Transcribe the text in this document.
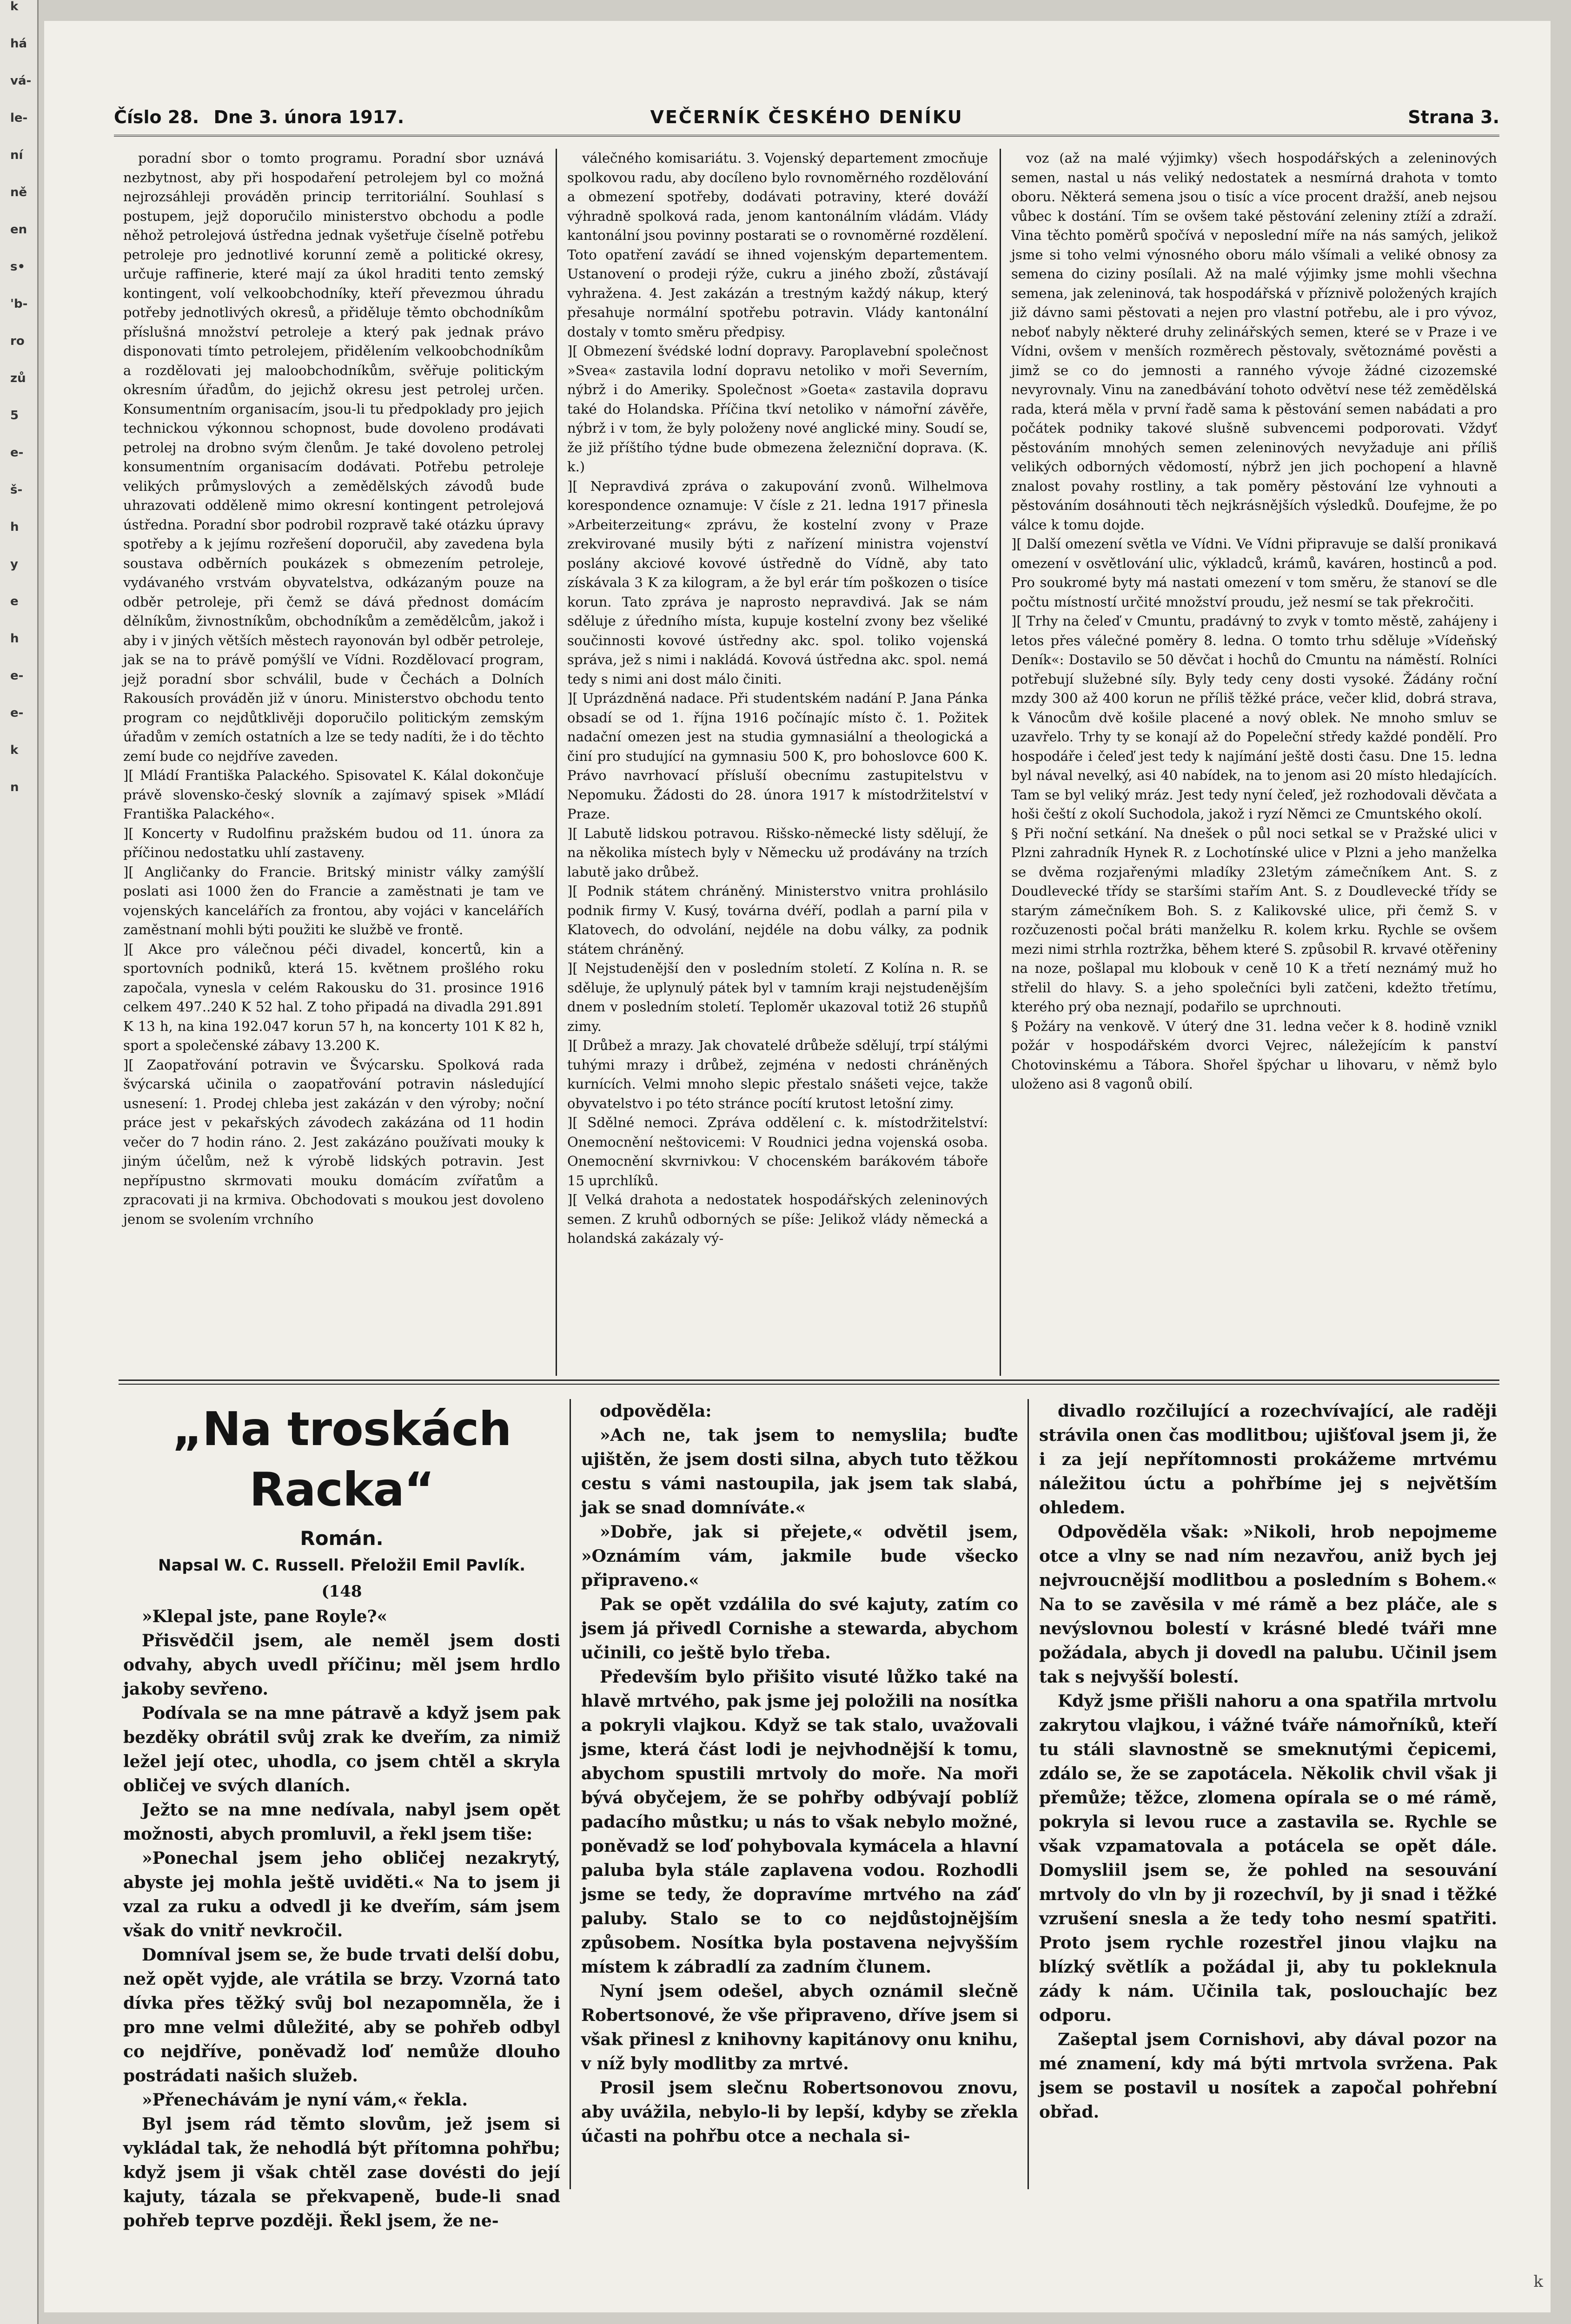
k
há
vá-
le-
ní
ně
en
s•
'b-
ro
zů
5
e-
š-
h
y
e
h
e-
e-
k
n
Číslo 28. Dne 3. února 1917.	VEČERNÍK ČESKÉHO DENÍKU	Strana 3.

poradní sbor o tomto programu. Poradní sbor uznává nezbytnost, aby při hospodaření petrolejem byl co možná nejrozsáhleji prováděn princip territoriální. Souhlasí s postupem, jejž doporučilo ministerstvo obchodu a podle něhož petrolejová ústředna jednak vyšetřuje číselně potřebu petroleje pro jednotlivé korunní země a politické okresy, určuje raffinerie, které mají za úkol hraditi tento zemský kontingent, volí velkoobchodníky, kteří převezmou úhradu potřeby jednotlivých okresů, a přiděluje těmto obchodníkům příslušná množství petroleje a který pak jednak právo disponovati tímto petrolejem, přidělením velkoobchodníkům a rozdělovati jej maloobchodníkům, svěřuje politickým okresním úřadům, do jejichž okresu jest petrolej určen. Konsumentním organisacím, jsou-li tu předpoklady pro jejich technickou výkonnou schopnost, bude dovoleno prodávati petrolej na drobno svým členům. Je také dovoleno petrolej konsumentním organisacím dodávati. Potřebu petroleje velikých průmyslových a zemědělských závodů bude uhrazovati odděleně mimo okresní kontingent petrolejová ústředna. Poradní sbor podrobil rozpravě také otázku úpravy spotřeby a k jejímu rozřešení doporučil, aby zavedena byla soustava odběrních poukázek s obmezením petroleje, vydávaného vrstvám obyvatelstva, odkázaným pouze na odběr petroleje, při čemž se dává přednost domácím dělníkům, živnostníkům, obchodníkům a zemědělcům, jakož i aby i v jiných větších městech rayonován byl odběr petroleje, jak se na to právě pomýšlí ve Vídni. Rozdělovací program, jejž poradní sbor schválil, bude v Čechách a Dolních Rakousích prováděn již v únoru. Ministerstvo obchodu tento program co nejdůtklivěji doporučilo politickým zemským úřadům v zemích ostatních a lze se tedy nadíti, že i do těchto zemí bude co nejdříve zaveden.

][ Mládí Františka Palackého. Spisovatel K. Kálal dokončuje právě slovensko-český slovník a zajímavý spisek »Mládí Františka Palackého«.

][ Koncerty v Rudolfinu pražském budou od 11. února za příčinou nedostatku uhlí zastaveny.

][ Angličanky do Francie. Britský ministr války zamýšlí poslati asi 1000 žen do Francie a zaměstnati je tam ve vojenských kancelářích za frontou, aby vojáci v kancelářích zaměstnaní mohli býti použiti ke službě ve frontě.

][ Akce pro válečnou péči divadel, koncertů, kin a sportovních podniků, která 15. květnem prošlého roku započala, vynesla v celém Rakousku do 31. prosince 1916 celkem 497..240 K 52 hal. Z toho připadá na divadla 291.891 K 13 h, na kina 192.047 korun 57 h, na koncerty 101 K 82 h, sport a společenské zábavy 13.200 K.

][ Zaopatřování potravin ve Švýcarsku. Spolková rada švýcarská učinila o zaopatřování potravin následující usnesení: 1. Prodej chleba jest zakázán v den výroby; noční práce jest v pekařských závodech zakázána od 11 hodin večer do 7 hodin ráno. 2. Jest zakázáno používati mouky k jiným účelům, než k výrobě lidských potravin. Jest nepřípustno skrmovati mouku domácím zvířatům a zpracovati ji na krmiva. Obchodovati s moukou jest dovoleno jenom se svolením vrchního

válečného komisariátu. 3. Vojenský departement zmocňuje spolkovou radu, aby docíleno bylo rovnoměrného rozdělování a obmezení spotřeby, dodávati potraviny, které dováží výhradně spolková rada, jenom kantonálním vládám. Vlády kantonální jsou povinny postarati se o rovnoměrné rozdělení. Toto opatření zavádí se ihned vojenským departementem. Ustanovení o prodeji rýže, cukru a jiného zboží, zůstávají vyhražena. 4. Jest zakázán a trestným každý nákup, který přesahuje normální spotřebu potravin. Vlády kantonální dostaly v tomto směru předpisy.

][ Obmezení švédské lodní dopravy. Paroplavební společnost »Svea« zastavila lodní dopravu netoliko v moři Severním, nýbrž i do Ameriky. Společnost »Goeta« zastavila dopravu také do Holandska. Příčina tkví netoliko v námořní závěře, nýbrž i v tom, že byly položeny nové anglické miny. Soudí se, že již příštího týdne bude obmezena železniční doprava. (K. k.)

][ Nepravdivá zpráva o zakupování zvonů. Wilhelmova korespondence oznamuje: V čísle z 21. ledna 1917 přinesla »Arbeiterzeitung« zprávu, že kostelní zvony v Praze zrekvirované musily býti z nařízení ministra vojenství poslány akciové kovové ústředně do Vídně, aby tato získávala 3 K za kilogram, a že byl erár tím poškozen o tisíce korun. Tato zpráva je naprosto nepravdivá. Jak se nám sděluje z úředního místa, kupuje kostelní zvony bez všeliké součinnosti kovové ústředny akc. spol. toliko vojenská správa, jež s nimi i nakládá. Kovová ústředna akc. spol. nemá tedy s nimi ani dost málo činiti.

][ Uprázdněná nadace. Při studentském nadání P. Jana Pánka obsadí se od 1. října 1916 počínajíc místo č. 1. Požitek nadační omezen jest na studia gymnasiální a theologická a činí pro studující na gymnasiu 500 K, pro bohoslovce 600 K. Právo navrhovací přísluší obecnímu zastupitelstvu v Nepomuku. Žádosti do 28. února 1917 k místodržitelství v Praze.

][ Labutě lidskou potravou. Rišsko-německé listy sdělují, že na několika místech byly v Německu už prodávány na trzích labutě jako drůbež.

][ Podnik státem chráněný. Ministerstvo vnitra prohlásilo podnik firmy V. Kusý, továrna dvéří, podlah a parní pila v Klatovech, do odvolání, nejdéle na dobu války, za podnik státem chráněný.

][ Nejstudenější den v posledním století. Z Kolína n. R. se sděluje, že uplynulý pátek byl v tamním kraji nejstudenějším dnem v posledním století. Teploměr ukazoval totiž 26 stupňů zimy.

][ Drůbež a mrazy. Jak chovatelé drůbeže sdělují, trpí stálými tuhými mrazy i drůbež, zejména v nedosti chráněných kurnících. Velmi mnoho slepic přestalo snášeti vejce, takže obyvatelstvo i po této stránce pocítí krutost letošní zimy.

][ Sdělné nemoci. Zpráva oddělení c. k. místodržitelství: Onemocnění neštovicemi: V Roudnici jedna vojenská osoba. Onemocnění skvrnivkou: V chocenském barákovém táboře 15 uprchlíků.

][ Velká drahota a nedostatek hospodářských zeleninových semen. Z kruhů odborných se píše: Jelikož vlády německá a holandská zakázaly vý-

voz (až na malé výjimky) všech hospodářských a zeleninových semen, nastal u nás veliký nedostatek a nesmírná drahota v tomto oboru. Některá semena jsou o tisíc a více procent dražší, aneb nejsou vůbec k dostání. Tím se ovšem také pěstování zeleniny ztíží a zdraží. Vina těchto poměrů spočívá v neposlední míře na nás samých, jelikož jsme si toho velmi výnosného oboru málo všímali a veliké obnosy za semena do ciziny posílali. Až na malé výjimky jsme mohli všechna semena, jak zeleninová, tak hospodářská v příznivě položených krajích již dávno sami pěstovati a nejen pro vlastní potřebu, ale i pro vývoz, neboť nabyly některé druhy zelinářských semen, které se v Praze i ve Vídni, ovšem v menších rozměrech pěstovaly, světoznámé pověsti a jimž se co do jemnosti a ranného vývoje žádné cizozemské nevyrovnaly. Vinu na zanedbávání tohoto odvětví nese též zemědělská rada, která měla v první řadě sama k pěstování semen nabádati a pro počátek podniky takové slušně subvencemi podporovati. Vždyť pěstováním mnohých semen zeleninových nevyžaduje ani příliš velikých odborných vědomostí, nýbrž jen jich pochopení a hlavně znalost povahy rostliny, a tak poměry pěstování lze vyhnouti a pěstováním dosáhnouti těch nejkrásnějších výsledků. Doufejme, že po válce k tomu dojde.

][ Další omezení světla ve Vídni. Ve Vídni připravuje se další pronikavá omezení v osvětlování ulic, výkladců, krámů, kaváren, hostinců a pod. Pro soukromé byty má nastati omezení v tom směru, že stanoví se dle počtu místností určité množství proudu, jež nesmí se tak překročiti.

][ Trhy na čeleď v Cmuntu, pradávný to zvyk v tomto městě, zahájeny i letos přes válečné poměry 8. ledna. O tomto trhu sděluje »Vídeňský Deník«: Dostavilo se 50 děvčat i hochů do Cmuntu na náměstí. Rolníci potřebují služebné síly. Byly tedy ceny dosti vysoké. Žádány roční mzdy 300 až 400 korun ne příliš těžké práce, večer klid, dobrá strava, k Vánocům dvě košile placené a nový oblek. Ne mnoho smluv se uzavřelo. Trhy ty se konají až do Popeleční středy každé pondělí. Pro hospodáře i čeleď jest tedy k najímání ještě dosti času. Dne 15. ledna byl nával nevelký, asi 40 nabídek, na to jenom asi 20 místo hledajících. Tam se byl veliký mráz. Jest tedy nyní čeleď, jež rozhodovali děvčata a hoši čeští z okolí Suchodola, jakož i ryzí Němci ze Cmuntského okolí.

§ Při noční setkání. Na dnešek o půl noci setkal se v Pražské ulici v Plzni zahradník Hynek R. z Lochotínské ulice v Plzni a jeho manželka se dvěma rozjařenými mladíky 23letým zámečníkem Ant. S. z Doudlevecké třídy se staršími stařím Ant. S. z Doudlevecké třídy se starým zámečníkem Boh. S. z Kalikovské ulice, při čemž S. v rozčuzenosti počal bráti manželku R. kolem krku. Rychle se ovšem mezi nimi strhla roztržka, během které S. způsobil R. krvavé otěřeniny na noze, pošlapal mu klobouk v ceně 10 K a třetí neznámý muž ho střelil do hlavy. S. a jeho společníci byli zatčeni, kdežto třetímu, kterého prý oba neznají, podařilo se uprchnouti.

§ Požáry na venkově. V úterý dne 31. ledna večer k 8. hodině vznikl požár v hospodářském dvorci Vejrec, náležejícím k panství Chotovinskému a Tábora. Shořel špýchar u lihovaru, v němž bylo uloženo asi 8 vagonů obilí.

„Na troskách Racka“
Román.
Napsal W. C. Russell. Přeložil Emil Pavlík.
(148

»Klepal jste, pane Royle?«

Přisvědčil jsem, ale neměl jsem dosti odvahy, abych uvedl příčinu; měl jsem hrdlo jakoby sevřeno.

Podívala se na mne pátravě a když jsem pak bezděky obrátil svůj zrak ke dveřím, za nimiž ležel její otec, uhodla, co jsem chtěl a skryla obličej ve svých dlaních.

Ježto se na mne nedívala, nabyl jsem opět možnosti, abych promluvil, a řekl jsem tiše:

»Ponechal jsem jeho obličej nezakrytý, abyste jej mohla ještě uviděti.« Na to jsem ji vzal za ruku a odvedl ji ke dveřím, sám jsem však do vnitř nevkročil.

Domníval jsem se, že bude trvati delší dobu, než opět vyjde, ale vrátila se brzy. Vzorná tato dívka přes těžký svůj bol nezapomněla, že i pro mne velmi důležité, aby se pohřeb odbyl co nejdříve, poněvadž loď nemůže dlouho postrádati našich služeb.

»Přenechávám je nyní vám,« řekla.

Byl jsem rád těmto slovům, jež jsem si vykládal tak, že nehodlá být přítomna pohřbu; když jsem ji však chtěl zase dovésti do její kajuty, tázala se překvapeně, bude-li snad pohřeb teprve později. Řekl jsem, že ne-

odpověděla:

»Ach ne, tak jsem to nemyslila; buďte ujištěn, že jsem dosti silna, abych tuto těžkou cestu s vámi nastoupila, jak jsem tak slabá, jak se snad domníváte.«

»Dobře, jak si přejete,« odvětil jsem, »Oznámím vám, jakmile bude všecko připraveno.«

Pak se opět vzdálila do své kajuty, zatím co jsem já přivedl Cornishe a stewarda, abychom učinili, co ještě bylo třeba.

Především bylo přišito visuté lůžko také na hlavě mrtvého, pak jsme jej položili na nosítka a pokryli vlajkou. Když se tak stalo, uvažovali jsme, která část lodi je nejvhodnější k tomu, abychom spustili mrtvoly do moře. Na moři bývá obyčejem, že se pohřby odbývají poblíž padacího můstku; u nás to však nebylo možné, poněvadž se loď pohybovala kymácela a hlavní paluba byla stále zaplavena vodou. Rozhodli jsme se tedy, že dopravíme mrtvého na záď paluby. Stalo se to co nejdůstojnějším způsobem. Nosítka byla postavena nejvyšším místem k zábradlí za zadním člunem.

Nyní jsem odešel, abych oznámil slečně Robertsonové, že vše připraveno, dříve jsem si však přinesl z knihovny kapitánovy onu knihu, v níž byly modlitby za mrtvé.

Prosil jsem slečnu Robertsonovou znovu, aby uvážila, nebylo-li by lepší, kdyby se zřekla účasti na pohřbu otce a nechala si-

divadlo rozčilující a rozechvívající, ale raději strávila onen čas modlitbou; ujišťoval jsem ji, že i za její nepřítomnosti prokážeme mrtvému náležitou úctu a pohřbíme jej s největším ohledem.

Odpověděla však: »Nikoli, hrob nepojmeme otce a vlny se nad ním nezavřou, aniž bych jej nejvroucnější modlitbou a posledním s Bohem.« Na to se zavěsila v mé rámě a bez pláče, ale s nevýslovnou bolestí v krásné bledé tváři mne požádala, abych ji dovedl na palubu. Učinil jsem tak s nejvyšší bolestí.

Když jsme přišli nahoru a ona spatřila mrtvolu zakrytou vlajkou, i vážné tváře námořníků, kteří tu stáli slavnostně se smeknutými čepicemi, zdálo se, že se zapotácela. Několik chvil však ji přemůže; těžce, zlomena opírala se o mé rámě, pokryla si levou ruce a zastavila se. Rychle se však vzpamatovala a potácela se opět dále. Domysliil jsem se, že pohled na sesouvání mrtvoly do vln by ji rozechvíl, by ji snad i těžké vzrušení snesla a že tedy toho nesmí spatřiti. Proto jsem rychle rozestřel jinou vlajku na blízký světlík a požádal ji, aby tu pokleknula zády k nám. Učinila tak, poslouchajíc bez odporu.

Zašeptal jsem Cornishovi, aby dával pozor na mé znamení, kdy má býti mrtvola svržena. Pak jsem se postavil u nosítek a započal pohřební obřad.

k
